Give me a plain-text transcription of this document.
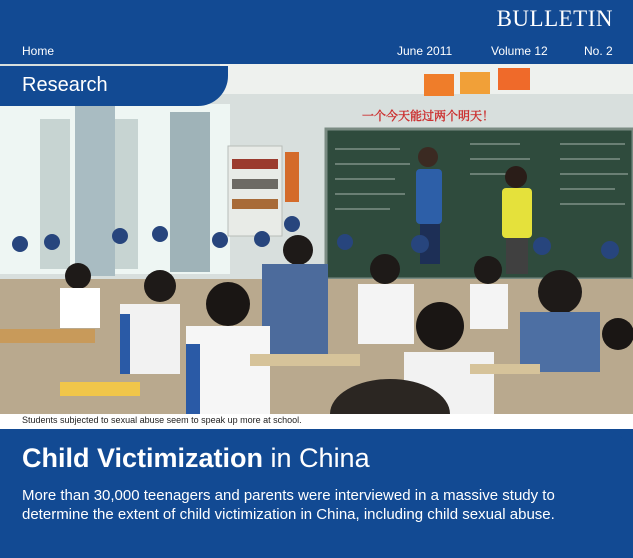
BULLETIN
Home	June 2011	Volume 12	No. 2
一个今天能过两个明天！
Research
Students subjected to sexual abuse seem to speak up more at school.
Child Victimization in China
More than 30,000 teenagers and parents were interviewed in a massive study to determine the extent of child victimization in China, including child sexual abuse.
